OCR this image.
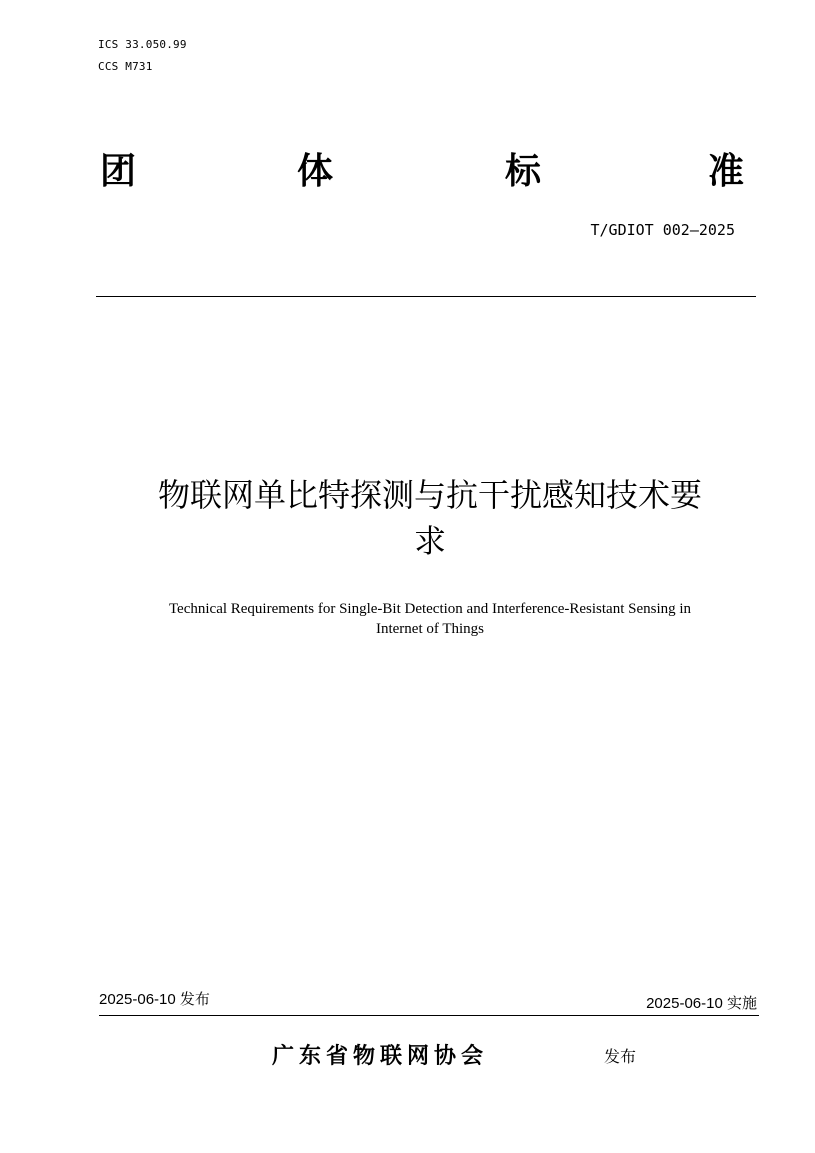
ICS 33.050.99
CCS M731
团	体	标	准
T/GDIOT 002—2025
物联网单比特探测与抗干扰感知技术要
求
Technical Requirements for Single-Bit Detection and Interference-Resistant Sensing in
Internet of Things
2025-06-10 发布	2025-06-10 实施
广东省物联网协会	发布
